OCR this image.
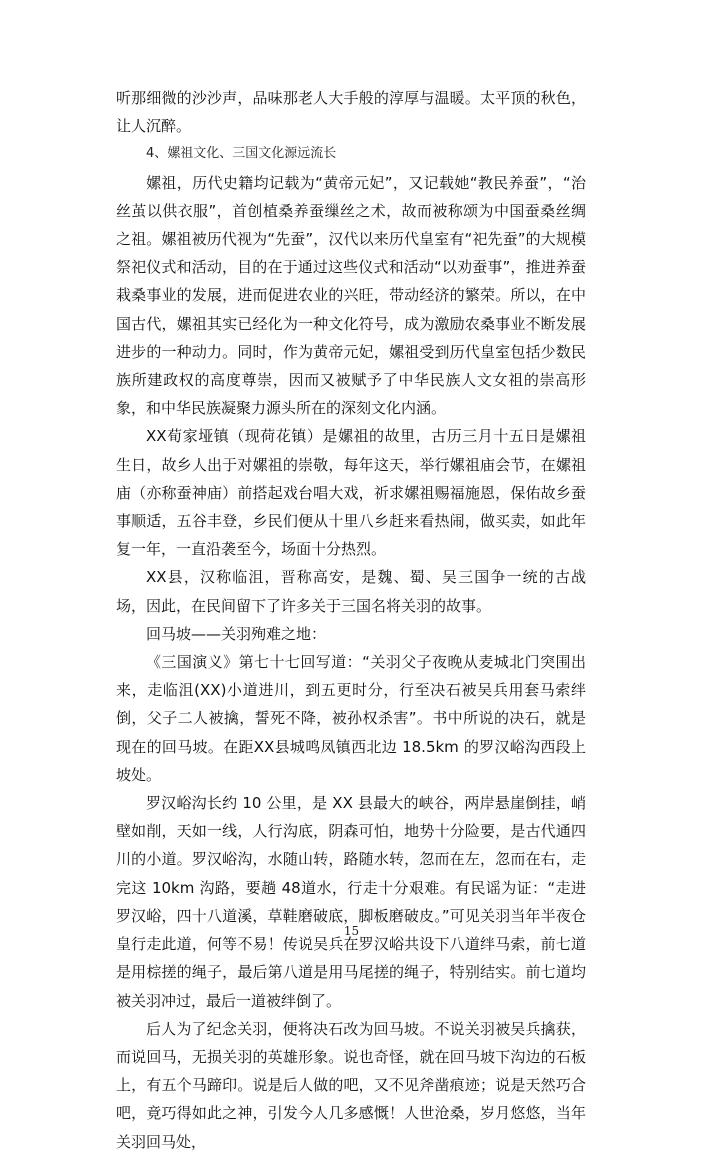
听那细微的沙沙声，品味那老人大手般的淳厚与温暖。太平顶的秋色，让人沉醉。

4、嫘祖文化、三国文化源远流长

嫘祖，历代史籍均记载为“黄帝元妃”，又记载她“教民养蚕”，“治丝茧以供衣服”，首创植桑养蚕缫丝之术，故而被称颂为中国蚕桑丝绸之祖。嫘祖被历代视为“先蚕”，汉代以来历代皇室有“祀先蚕”的大规模祭祀仪式和活动，目的在于通过这些仪式和活动“以劝蚕事”，推进养蚕栽桑事业的发展，进而促进农业的兴旺，带动经济的繁荣。所以，在中国古代，嫘祖其实已经化为一种文化符号，成为激励农桑事业不断发展进步的一种动力。同时，作为黄帝元妃，嫘祖受到历代皇室包括少数民族所建政权的高度尊崇，因而又被赋予了中华民族人文女祖的崇高形象，和中华民族凝聚力源头所在的深刻文化内涵。

XX荀家垭镇（现荷花镇）是嫘祖的故里，古历三月十五日是嫘祖生日，故乡人出于对嫘祖的崇敬，每年这天，举行嫘祖庙会节，在嫘祖庙（亦称蚕神庙）前搭起戏台唱大戏，祈求嫘祖赐福施恩，保佑故乡蚕事顺适，五谷丰登，乡民们便从十里八乡赶来看热闹，做买卖，如此年复一年，一直沿袭至今，场面十分热烈。

XX县，汉称临沮，晋称高安，是魏、蜀、吴三国争一统的古战场，因此，在民间留下了许多关于三国名将关羽的故事。

回马坡——关羽殉难之地：

《三国演义》第七十七回写道：“关羽父子夜晚从麦城北门突围出来，走临沮(XX)小道进川，到五更时分，行至决石被吴兵用套马索绊倒，父子二人被擒，誓死不降，被孙权杀害”。书中所说的决石，就是现在的回马坡。在距XX县城鸣凤镇西北边 18.5km 的罗汉峪沟西段上坡处。

罗汉峪沟长约 10 公里，是 XX 县最大的峡谷，两岸悬崖倒挂，峭壁如削，天如一线，人行沟底，阴森可怕，地势十分险要，是古代通四川的小道。罗汉峪沟，水随山转，路随水转，忽而在左，忽而在右，走完这 10km 沟路，要趟 48道水，行走十分艰难。有民谣为证：“走进罗汉峪，四十八道溪，草鞋磨破底，脚板磨破皮。”可见关羽当年半夜仓皇行走此道，何等不易！传说吴兵在罗汉峪共设下八道绊马索，前七道是用棕搓的绳子，最后第八道是用马尾搓的绳子，特别结实。前七道均被关羽冲过，最后一道被绊倒了。

后人为了纪念关羽，便将决石改为回马坡。不说关羽被吴兵擒获，而说回马，无损关羽的英雄形象。说也奇怪，就在回马坡下沟边的石板上，有五个马蹄印。说是后人做的吧，又不见斧凿痕迹；说是天然巧合吧，竟巧得如此之神，引发今人几多感慨！人世沧桑，岁月悠悠，当年关羽回马处，

15
